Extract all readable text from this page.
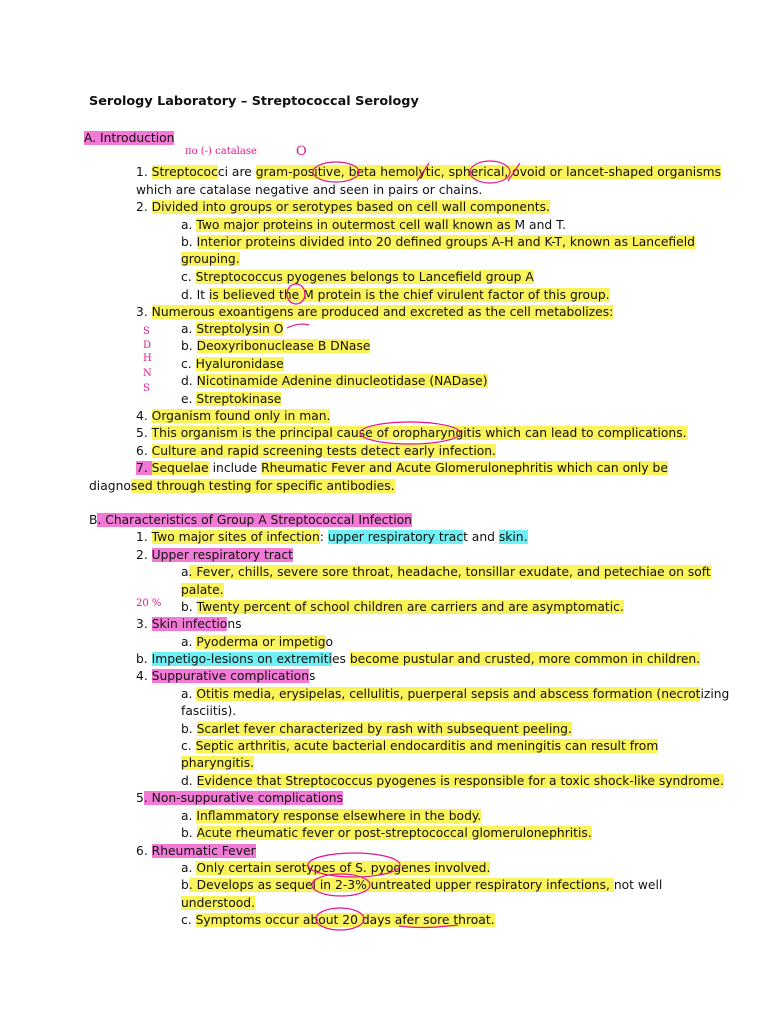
Serology Laboratory – Streptococcal Serology
A. Introduction
1. Streptococci are gram-positive, beta hemolytic, spherical, ovoid or lancet-shaped organisms
which are catalase negative and seen in pairs or chains.
2. Divided into groups or serotypes based on cell wall components.
a. Two major proteins in outermost cell wall known as M and T.
b. Interior proteins divided into 20 defined groups A-H and K-T, known as Lancefield
grouping.
c. Streptococcus pyogenes belongs to Lancefield group A
d. It is believed the M protein is the chief virulent factor of this group.
3. Numerous exoantigens are produced and excreted as the cell metabolizes:
a. Streptolysin O
b. Deoxyribonuclease B DNase
c. Hyaluronidase
d. Nicotinamide Adenine dinucleotidase (NADase)
e. Streptokinase
4. Organism found only in man.
5. This organism is the principal cause of oropharyngitis which can lead to complications.
6. Culture and rapid screening tests detect early infection.
7. Sequelae include Rheumatic Fever and Acute Glomerulonephritis which can only be
diagnosed through testing for specific antibodies.
B. Characteristics of Group A Streptococcal Infection
1. Two major sites of infection: upper respiratory tract and skin.
2. Upper respiratory tract
a. Fever, chills, severe sore throat, headache, tonsillar exudate, and petechiae on soft
palate.
b. Twenty percent of school children are carriers and are asymptomatic.
3. Skin infections
a. Pyoderma or impetigo
b. Impetigo-lesions on extremities become pustular and crusted, more common in children.
4. Suppurative complications
a. Otitis media, erysipelas, cellulitis, puerperal sepsis and abscess formation (necrotizing
fasciitis).
b. Scarlet fever characterized by rash with subsequent peeling.
c. Septic arthritis, acute bacterial endocarditis and meningitis can result from
pharyngitis.
d. Evidence that Streptococcus pyogenes is responsible for a toxic shock-like syndrome.
5. Non-suppurative complications
a. Inflammatory response elsewhere in the body.
b. Acute rheumatic fever or post-streptococcal glomerulonephritis.
6. Rheumatic Fever
a. Only certain serotypes of S. pyogenes involved.
b. Develops as sequel in 2-3% untreated upper respiratory infections, not well
understood.
c. Symptoms occur about 20 days afer sore throat.
πο (-) catalase	O
20 %
S
D
H
N
S
